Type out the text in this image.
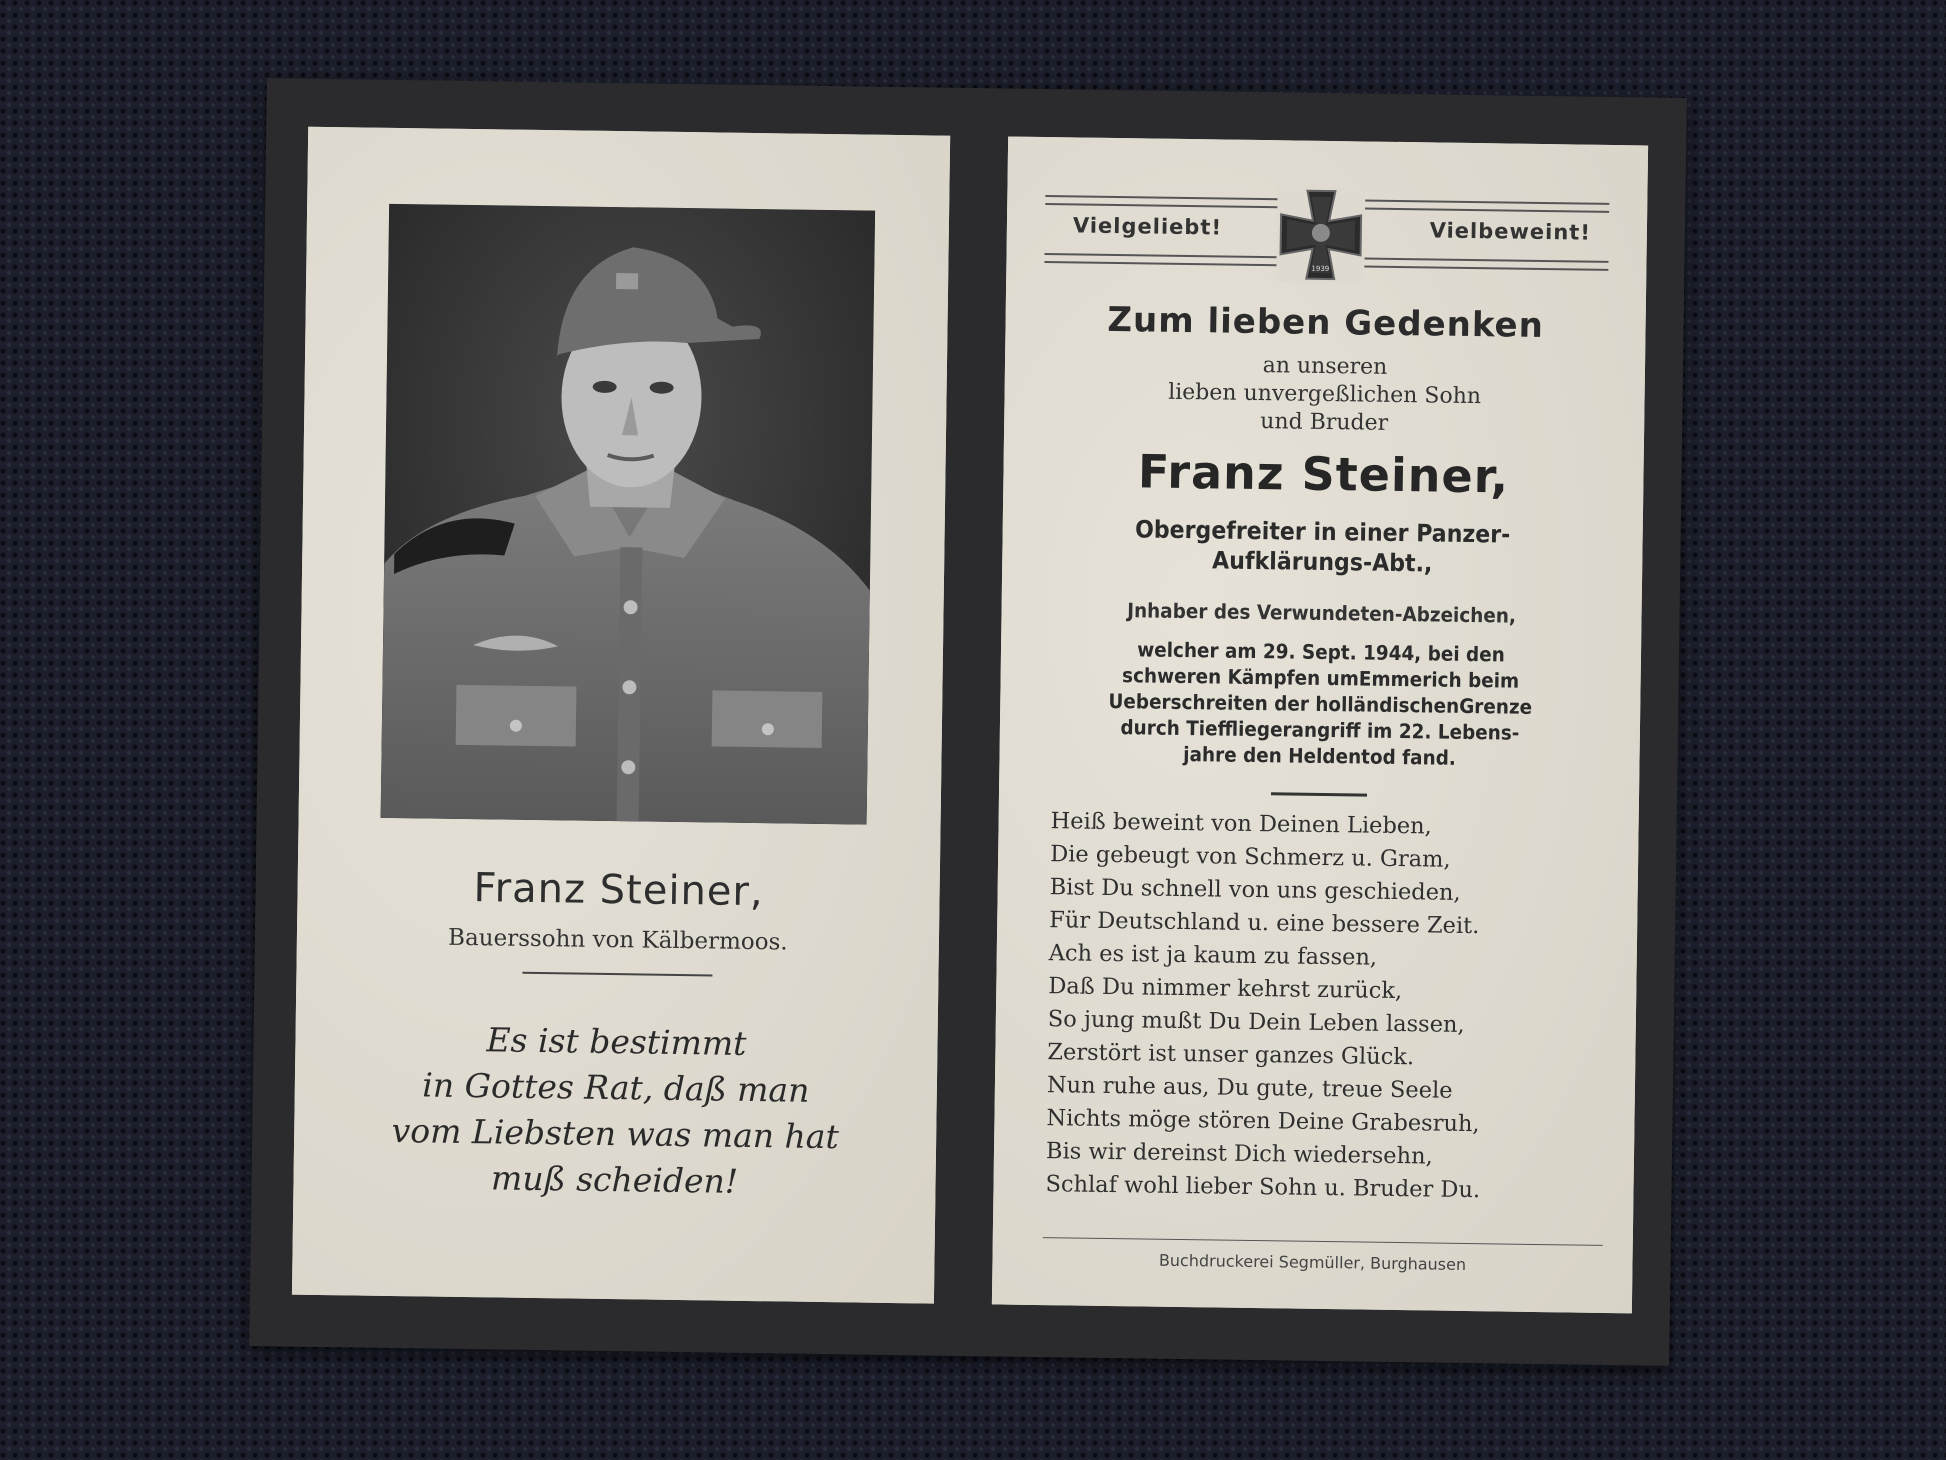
Franz Steiner,
Bauerssohn von Kälbermoos.
Es ist bestimmt
in Gottes Rat, daß man
vom Liebsten was man hat
muß scheiden!
Vielgeliebt!	Vielbeweint!
1939
Zum lieben Gedenken
an unseren
lieben unvergeßlichen Sohn
und Bruder
Franz Steiner,
Obergefreiter in einer Panzer-
Aufklärungs-Abt.,
Jnhaber des Verwundeten-Abzeichen,
welcher am 29. Sept. 1944, bei den
schweren Kämpfen umEmmerich beim
Ueberschreiten der holländischenGrenze
durch Tieffliegerangriff im 22. Lebens-
jahre den Heldentod fand.
Heiß beweint von Deinen Lieben,
Die gebeugt von Schmerz u. Gram,
Bist Du schnell von uns geschieden,
Für Deutschland u. eine bessere Zeit.
Ach es ist ja kaum zu fassen,
Daß Du nimmer kehrst zurück,
So jung mußt Du Dein Leben lassen,
Zerstört ist unser ganzes Glück.
Nun ruhe aus, Du gute, treue Seele
Nichts möge stören Deine Grabesruh,
Bis wir dereinst Dich wiedersehn,
Schlaf wohl lieber Sohn u. Bruder Du.
Buchdruckerei Segmüller, Burghausen
